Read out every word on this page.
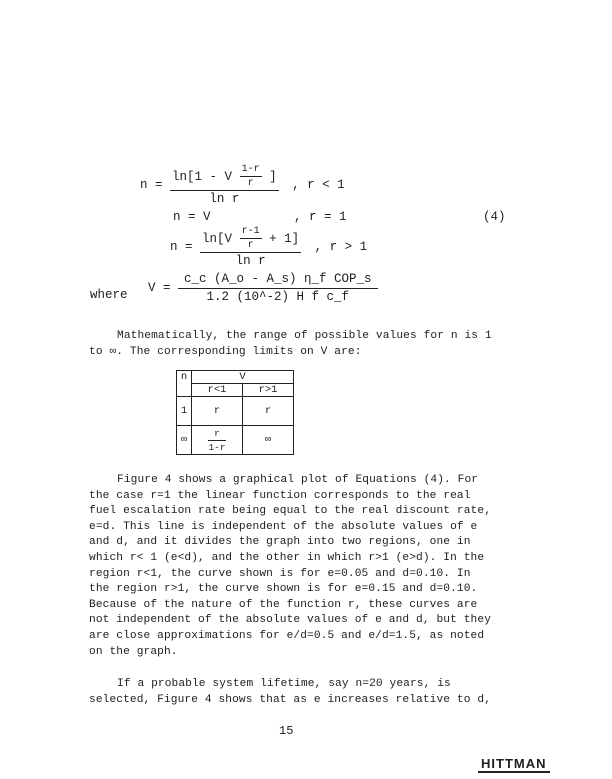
$n = \frac{\ln[1 - V \frac{1-r}{r} ]}{\text{ln r}}$ , r < 1
n = V	, r = 1	(4)
$n = \frac{\ln[V \frac{r-1}{r} + 1]}{\text{ln r}}$ , r > 1
where $V = \frac{\text{c\_c (A\_o - A\_s) η\_f COP\_s}}{\text{1.2 (10\textasciicircum{}-2) H f c\_f}}$
Mathematically, the range of possible values for n is 1
to ∞. The corresponding limits on V are:
n	V	
	r<1	r>1
1	r	r
∞	$\frac{r}{1-r}$	∞
Figure 4 shows a graphical plot of Equations (4). For
the case r=1 the linear function corresponds to the real
fuel escalation rate being equal to the real discount rate,
e=d. This line is independent of the absolute values of e
and d, and it divides the graph into two regions, one in
which r< 1 (e<d), and the other in which r>1 (e>d). In the
region r<1, the curve shown is for e=0.05 and d=0.10. In
the region r>1, the curve shown is for e=0.15 and d=0.10.
Because of the nature of the function r, these curves are
not independent of the absolute values of e and d, but they
are close approximations for e/d=0.5 and e/d=1.5, as noted
on the graph.
If a probable system lifetime, say n=20 years, is
selected, Figure 4 shows that as e increases relative to d,
15
HITTMAN
